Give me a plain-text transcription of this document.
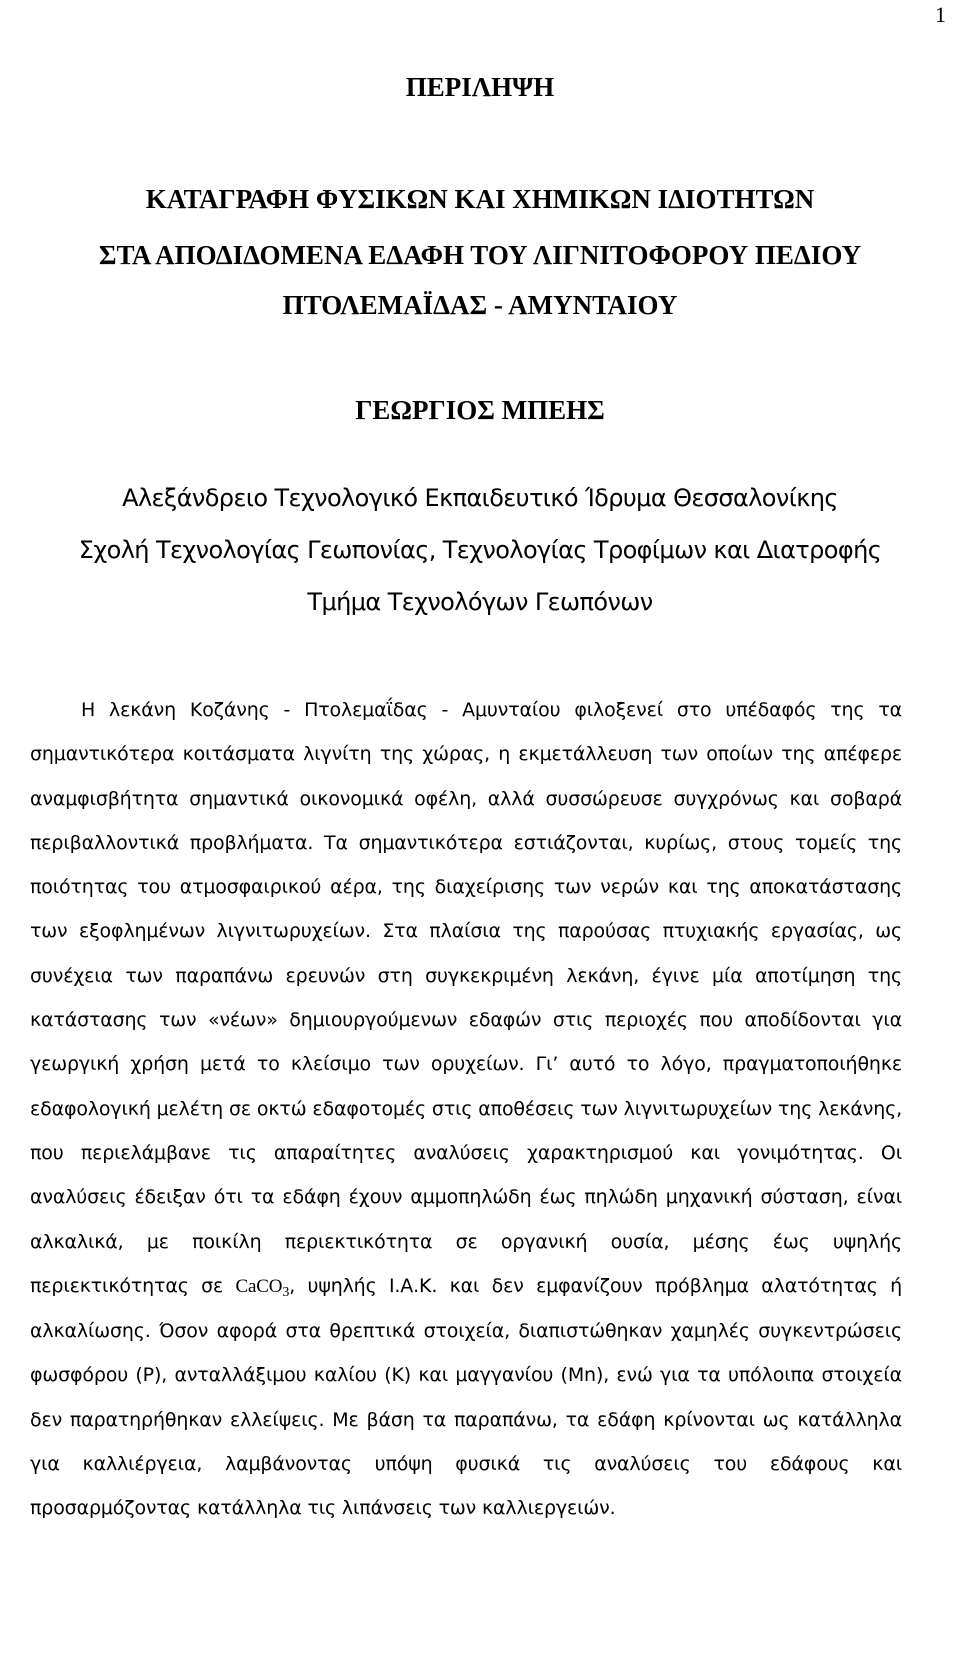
1
ΠΕΡΙΛΗΨΗ
ΚΑΤΑΓΡΑΦΗ ΦΥΣΙΚΩΝ ΚΑΙ ΧΗΜΙΚΩΝ ΙΔΙΟΤΗΤΩΝ
ΣΤΑ ΑΠΟΔΙΔΟΜΕΝΑ ΕΔΑΦΗ ΤΟΥ ΛΙΓΝΙΤΟΦΟΡΟΥ ΠΕΔΙΟΥ
ΠΤΟΛΕΜΑΪΔΑΣ - ΑΜΥΝΤΑΙΟΥ
ΓΕΩΡΓΙΟΣ ΜΠΕΗΣ
Αλεξάνδρειο Τεχνολογικό Εκπαιδευτικό Ίδρυμα Θεσσαλονίκης
Σχολή Τεχνολογίας Γεωπονίας, Τεχνολογίας Τροφίμων και Διατροφής
Τμήμα Τεχνολόγων Γεωπόνων

Η λεκάνη Κοζάνης - Πτολεμαΐδας - Αμυνταίου φιλοξενεί στο υπέδαφός της τα σημαντικότερα κοιτάσματα λιγνίτη της χώρας, η εκμετάλλευση των οποίων της απέφερε αναμφισβήτητα σημαντικά οικονομικά οφέλη, αλλά συσσώρευσε συγχρόνως και σοβαρά περιβαλλοντικά προβλήματα. Τα σημαντικότερα εστιάζονται, κυρίως, στους τομείς της ποιότητας του ατμοσφαιρικού αέρα, της διαχείρισης των νερών και της αποκατάστασης των εξοφλημένων λιγνιτωρυχείων. Στα πλαίσια της παρούσας πτυχιακής εργασίας, ως συνέχεια των παραπάνω ερευνών στη συγκεκριμένη λεκάνη, έγινε μία αποτίμηση της κατάστασης των «νέων» δημιουργούμενων εδαφών στις περιοχές που αποδίδονται για γεωργική χρήση μετά το κλείσιμο των ορυχείων. Γι’ αυτό το λόγο, πραγματοποιήθηκε εδαφολογική μελέτη σε οκτώ εδαφοτομές στις αποθέσεις των λιγνιτωρυχείων της λεκάνης, που περιελάμβανε τις απαραίτητες αναλύσεις χαρακτηρισμού και γονιμότητας. Οι αναλύσεις έδειξαν ότι τα εδάφη έχουν αμμοπηλώδη έως πηλώδη μηχανική σύσταση, είναι αλκαλικά, με ποικίλη περιεκτικότητα σε οργανική ουσία, μέσης έως υψηλής περιεκτικότητας σε CaCO$_3$, υψηλής Ι.Α.Κ. και δεν εμφανίζουν πρόβλημα αλατότητας ή αλκαλίωσης. Όσον αφορά στα θρεπτικά στοιχεία, διαπιστώθηκαν χαμηλές συγκεντρώσεις φωσφόρου (P), ανταλλάξιμου καλίου (K) και μαγγανίου (Mn), ενώ για τα υπόλοιπα στοιχεία δεν παρατηρήθηκαν ελλείψεις. Με βάση τα παραπάνω, τα εδάφη κρίνονται ως κατάλληλα για καλλιέργεια, λαμβάνοντας υπόψη φυσικά τις αναλύσεις του εδάφους και προσαρμόζοντας κατάλληλα τις λιπάνσεις των καλλιεργειών.
